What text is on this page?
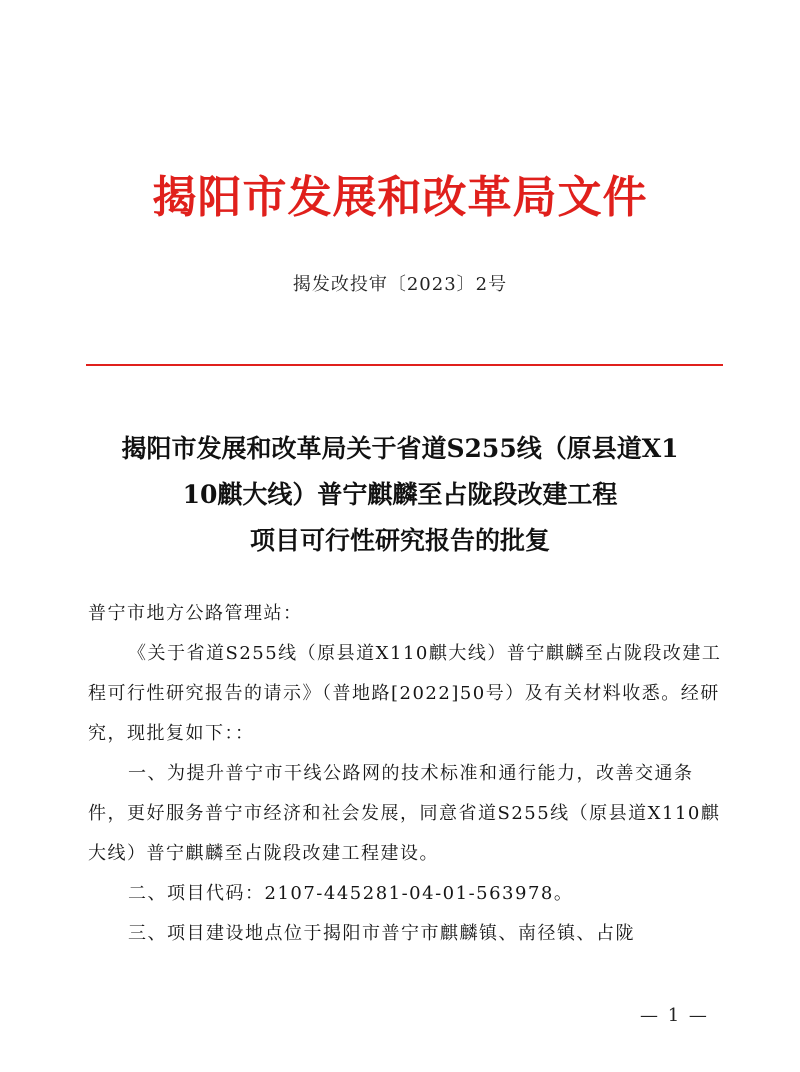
揭阳市发展和改革局文件
揭发改投审〔2023〕2号
揭阳市发展和改革局关于省道S255线（原县道X1
10麒大线）普宁麒麟至占陇段改建工程
项目可行性研究报告的批复

普宁市地方公路管理站：

《关于省道S255线（原县道X110麒大线）普宁麒麟至占陇段改建工程可行性研究报告的请示》（普地路[2022]50号）及有关材料收悉。经研究，现批复如下：：

一、为提升普宁市干线公路网的技术标准和通行能力，改善交通条件，更好服务普宁市经济和社会发展，同意省道S255线（原县道X110麒大线）普宁麒麟至占陇段改建工程建设。

二、项目代码：2107-445281-04-01-563978。

三、项目建设地点位于揭阳市普宁市麒麟镇、南径镇、占陇

— 1 —
